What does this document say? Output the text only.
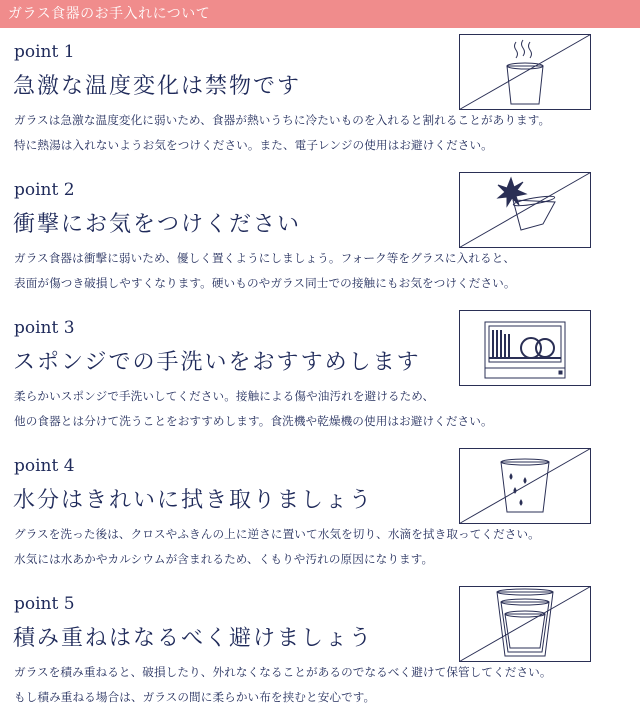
ガラス食器のお手入れについて
point 1
急激な温度変化は禁物です
ガラスは急激な温度変化に弱いため、食器が熱いうちに冷たいものを入れると割れることがあります。
特に熱湯は入れないようお気をつけください。また、電子レンジの使用はお避けください。
point 2
衝撃にお気をつけください
ガラス食器は衝撃に弱いため、優しく置くようにしましょう。フォーク等をグラスに入れると、
表面が傷つき破損しやすくなります。硬いものやガラス同士での接触にもお気をつけください。
point 3
スポンジでの手洗いをおすすめします
柔らかいスポンジで手洗いしてください。接触による傷や油汚れを避けるため、
他の食器とは分けて洗うことをおすすめします。食洗機や乾燥機の使用はお避けください。
point 4
水分はきれいに拭き取りましょう
グラスを洗った後は、クロスやふきんの上に逆さに置いて水気を切り、水滴を拭き取ってください。
水気には水あかやカルシウムが含まれるため、くもりや汚れの原因になります。
point 5
積み重ねはなるべく避けましょう
ガラスを積み重ねると、破損したり、外れなくなることがあるのでなるべく避けて保管してください。
もし積み重ねる場合は、ガラスの間に柔らかい布を挟むと安心です。
